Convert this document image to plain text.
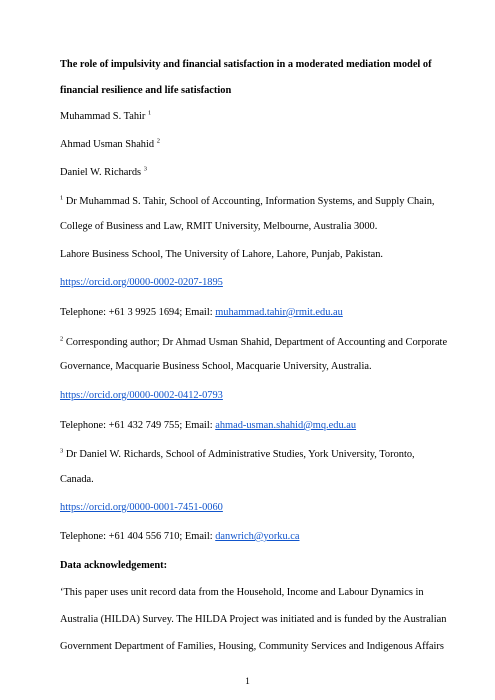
The role of impulsivity and financial satisfaction in a moderated mediation model of
financial resilience and life satisfaction
Muhammad S. Tahir $^1$
Ahmad Usman Shahid $^2$
Daniel W. Richards $^3$
$^1$ Dr Muhammad S. Tahir, School of Accounting, Information Systems, and Supply Chain,
College of Business and Law, RMIT University, Melbourne, Australia 3000.
Lahore Business School, The University of Lahore, Lahore, Punjab, Pakistan.
https://orcid.org/0000-0002-0207-1895
Telephone: +61 3 9925 1694; Email: muhammad.tahir@rmit.edu.au
$^2$ Corresponding author; Dr Ahmad Usman Shahid, Department of Accounting and Corporate
Governance, Macquarie Business School, Macquarie University, Australia.
https://orcid.org/0000-0002-0412-0793
Telephone: +61 432 749 755; Email: ahmad-usman.shahid@mq.edu.au
$^3$ Dr Daniel W. Richards, School of Administrative Studies, York University, Toronto,
Canada.
https://orcid.org/0000-0001-7451-0060
Telephone: +61 404 556 710; Email: danwrich@yorku.ca
Data acknowledgement:
‘This paper uses unit record data from the Household, Income and Labour Dynamics in
Australia (HILDA) Survey. The HILDA Project was initiated and is funded by the Australian
Government Department of Families, Housing, Community Services and Indigenous Affairs
1
